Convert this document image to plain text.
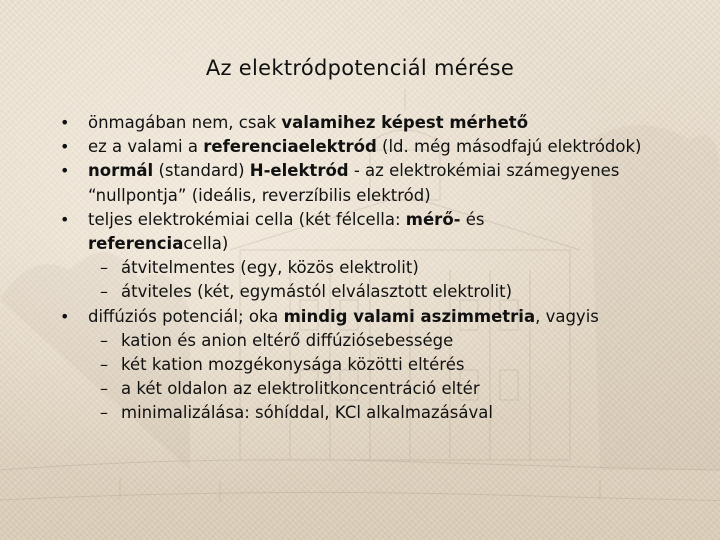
Az elektródpotenciál mérése
• önmagában nem, csak valamihez képest mérhető
• ez a valami a referenciaelektród (ld. még másodfajú elektródok)
• normál (standard) H-elektród - az elektrokémiai számegyenes
“nullpontja” (ideális, reverzíbilis elektród)
• teljes elektrokémiai cella (két félcella: mérő- és
referenciacella)
– átvitelmentes (egy, közös elektrolit)
– átviteles (két, egymástól elválasztott elektrolit)
• diffúziós potenciál; oka mindig valami aszimmetria, vagyis
– kation és anion eltérő diffúziósebessége
– két kation mozgékonysága közötti eltérés
– a két oldalon az elektrolitkoncentráció eltér
– minimalizálása: sóhíddal, KCl alkalmazásával
